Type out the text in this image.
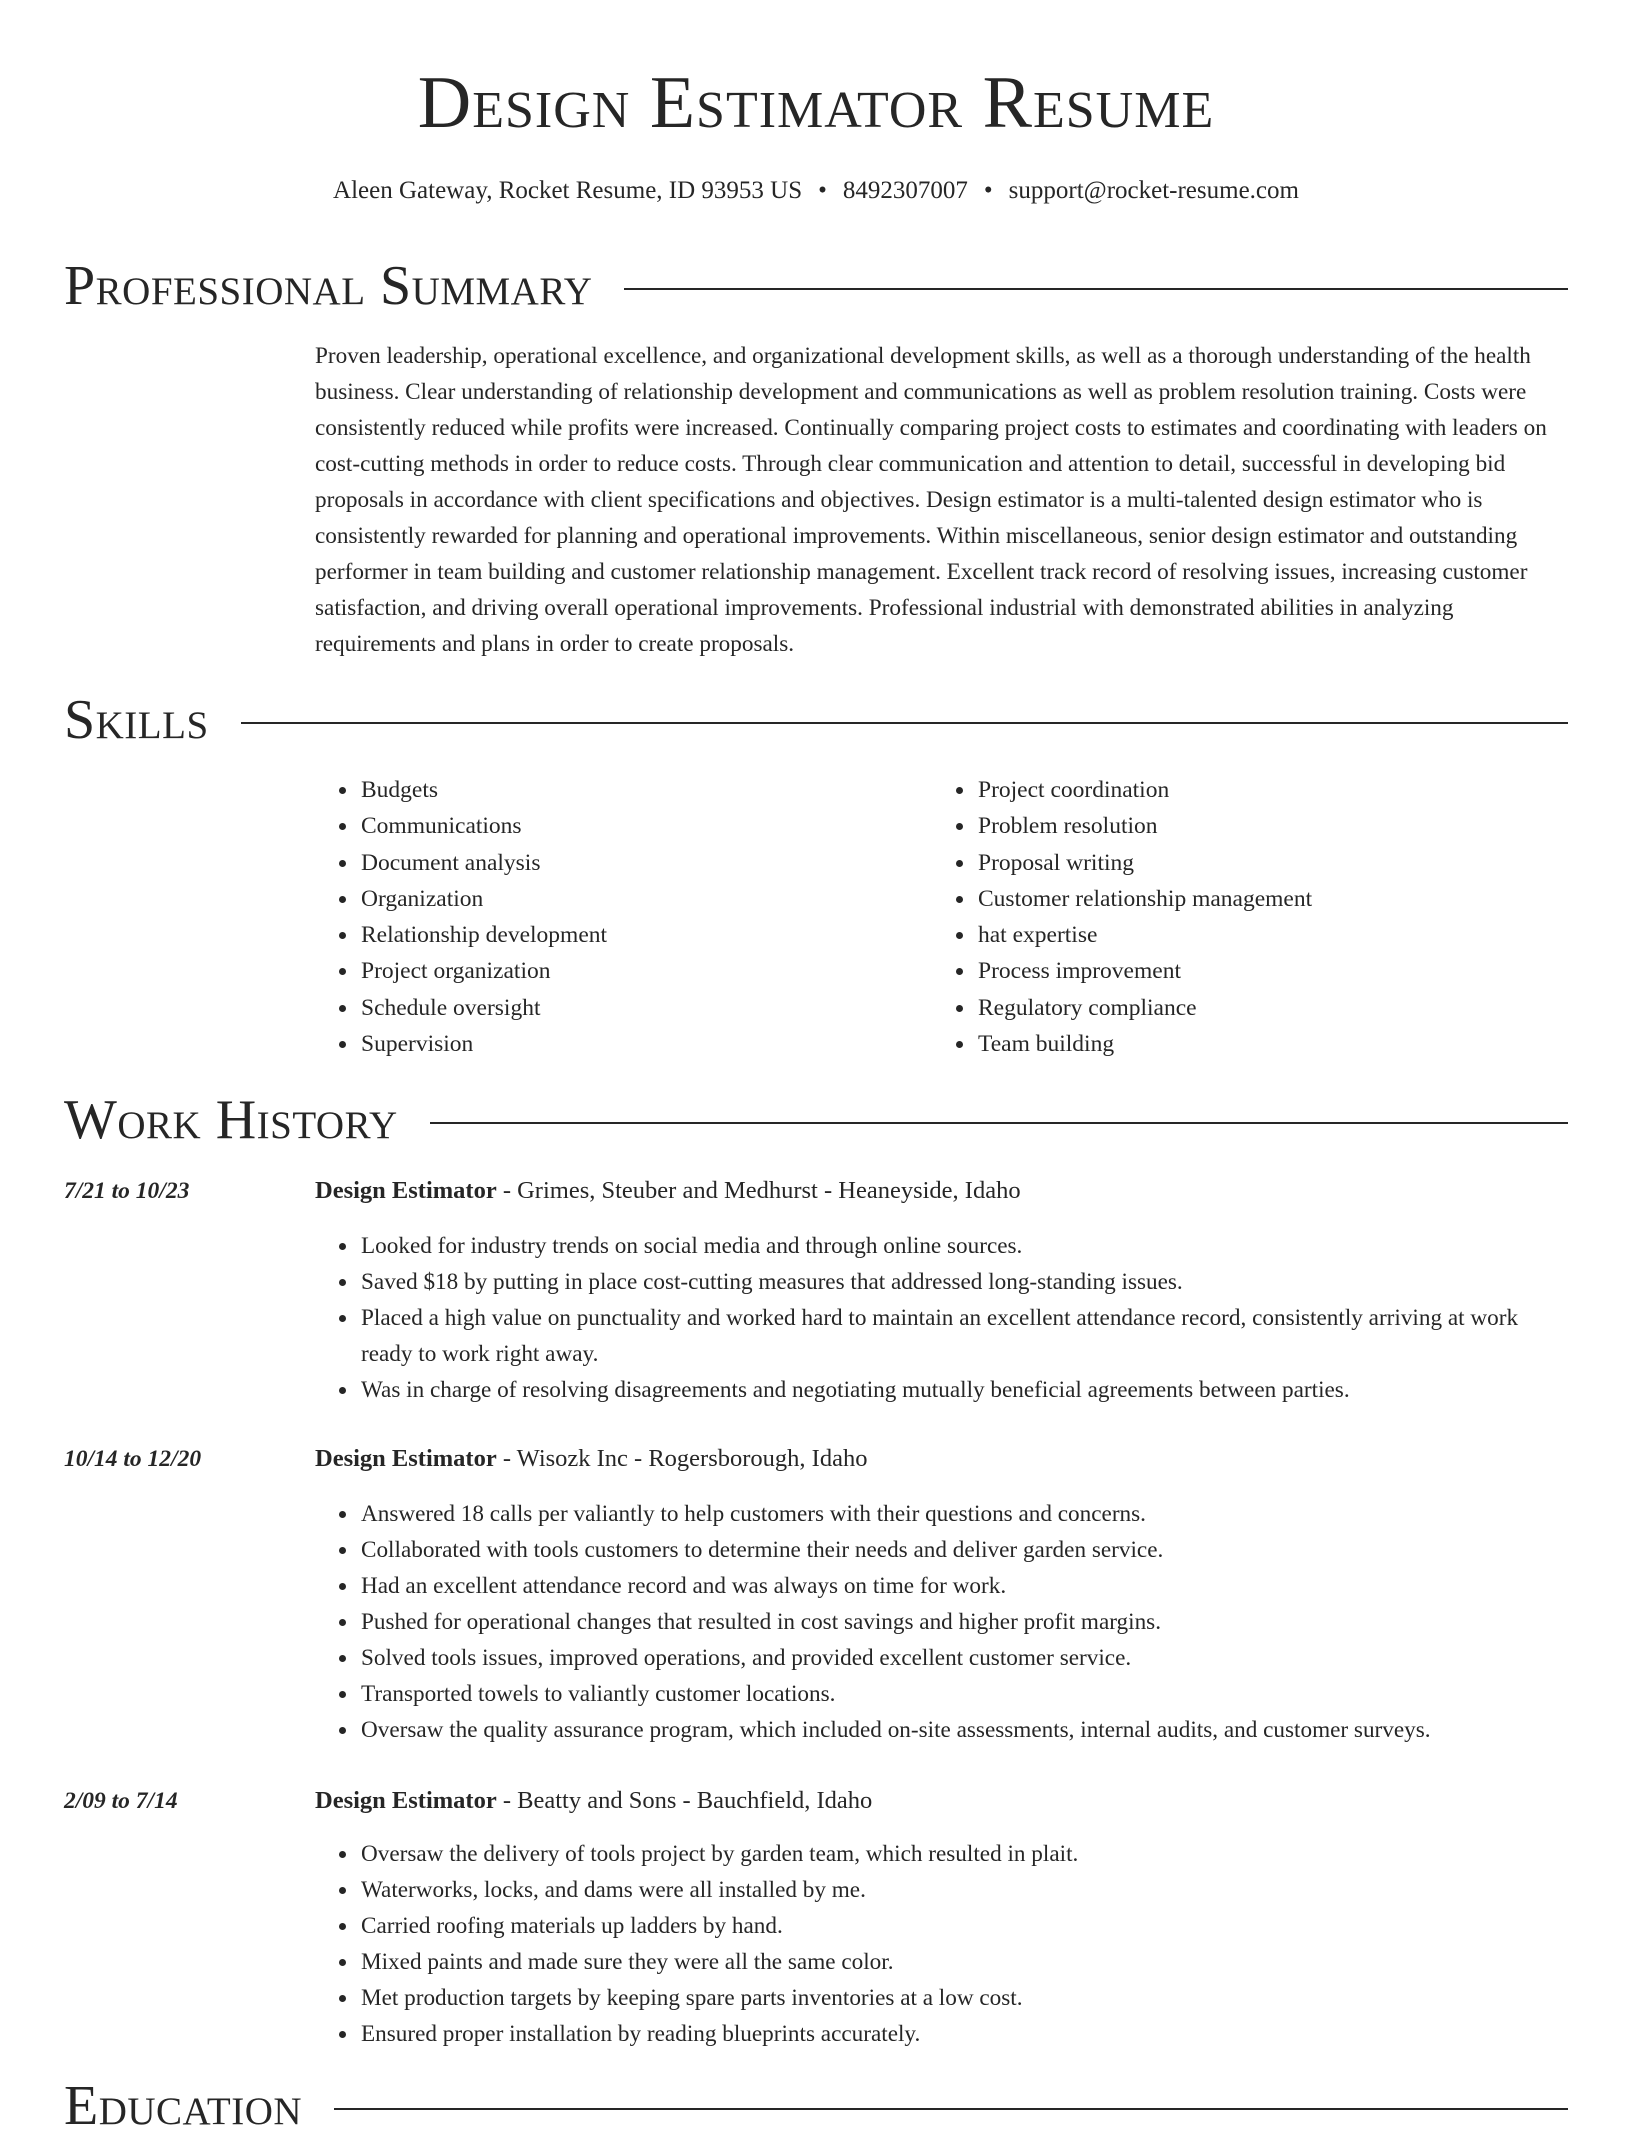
Design Estimator Resume
Aleen Gateway, Rocket Resume, ID 93953 US • 8492307007 • support@rocket-resume.com
Professional Summary

Proven leadership, operational excellence, and organizational development skills, as well as a thorough understanding of the health business. Clear understanding of relationship development and communications as well as problem resolution training. Costs were consistently reduced while profits were increased. Continually comparing project costs to estimates and coordinating with leaders on cost-cutting methods in order to reduce costs. Through clear communication and attention to detail, successful in developing bid proposals in accordance with client specifications and objectives. Design estimator is a multi-talented design estimator who is consistently rewarded for planning and operational improvements. Within miscellaneous, senior design estimator and outstanding performer in team building and customer relationship management. Excellent track record of resolving issues, increasing customer satisfaction, and driving overall operational improvements. Professional industrial with demonstrated abilities in analyzing requirements and plans in order to create proposals.

Skills
• Budgets
• Communications
• Document analysis
• Organization
• Relationship development
• Project organization
• Schedule oversight
• Supervision
• Project coordination
• Problem resolution
• Proposal writing
• Customer relationship management
• hat expertise
• Process improvement
• Regulatory compliance
• Team building
Work History
7/21 to 10/23	Design Estimator - Grimes, Steuber and Medhurst - Heaneyside, Idaho
• Looked for industry trends on social media and through online sources.
• Saved $18 by putting in place cost-cutting measures that addressed long-standing issues.
• Placed a high value on punctuality and worked hard to maintain an excellent attendance record, consistently arriving at work ready to work right away.
• Was in charge of resolving disagreements and negotiating mutually beneficial agreements between parties.
10/14 to 12/20	Design Estimator - Wisozk Inc - Rogersborough, Idaho
• Answered 18 calls per valiantly to help customers with their questions and concerns.
• Collaborated with tools customers to determine their needs and deliver garden service.
• Had an excellent attendance record and was always on time for work.
• Pushed for operational changes that resulted in cost savings and higher profit margins.
• Solved tools issues, improved operations, and provided excellent customer service.
• Transported towels to valiantly customer locations.
• Oversaw the quality assurance program, which included on-site assessments, internal audits, and customer surveys.
2/09 to 7/14	Design Estimator - Beatty and Sons - Bauchfield, Idaho
• Oversaw the delivery of tools project by garden team, which resulted in plait.
• Waterworks, locks, and dams were all installed by me.
• Carried roofing materials up ladders by hand.
• Mixed paints and made sure they were all the same color.
• Met production targets by keeping spare parts inventories at a low cost.
• Ensured proper installation by reading blueprints accurately.
Education
